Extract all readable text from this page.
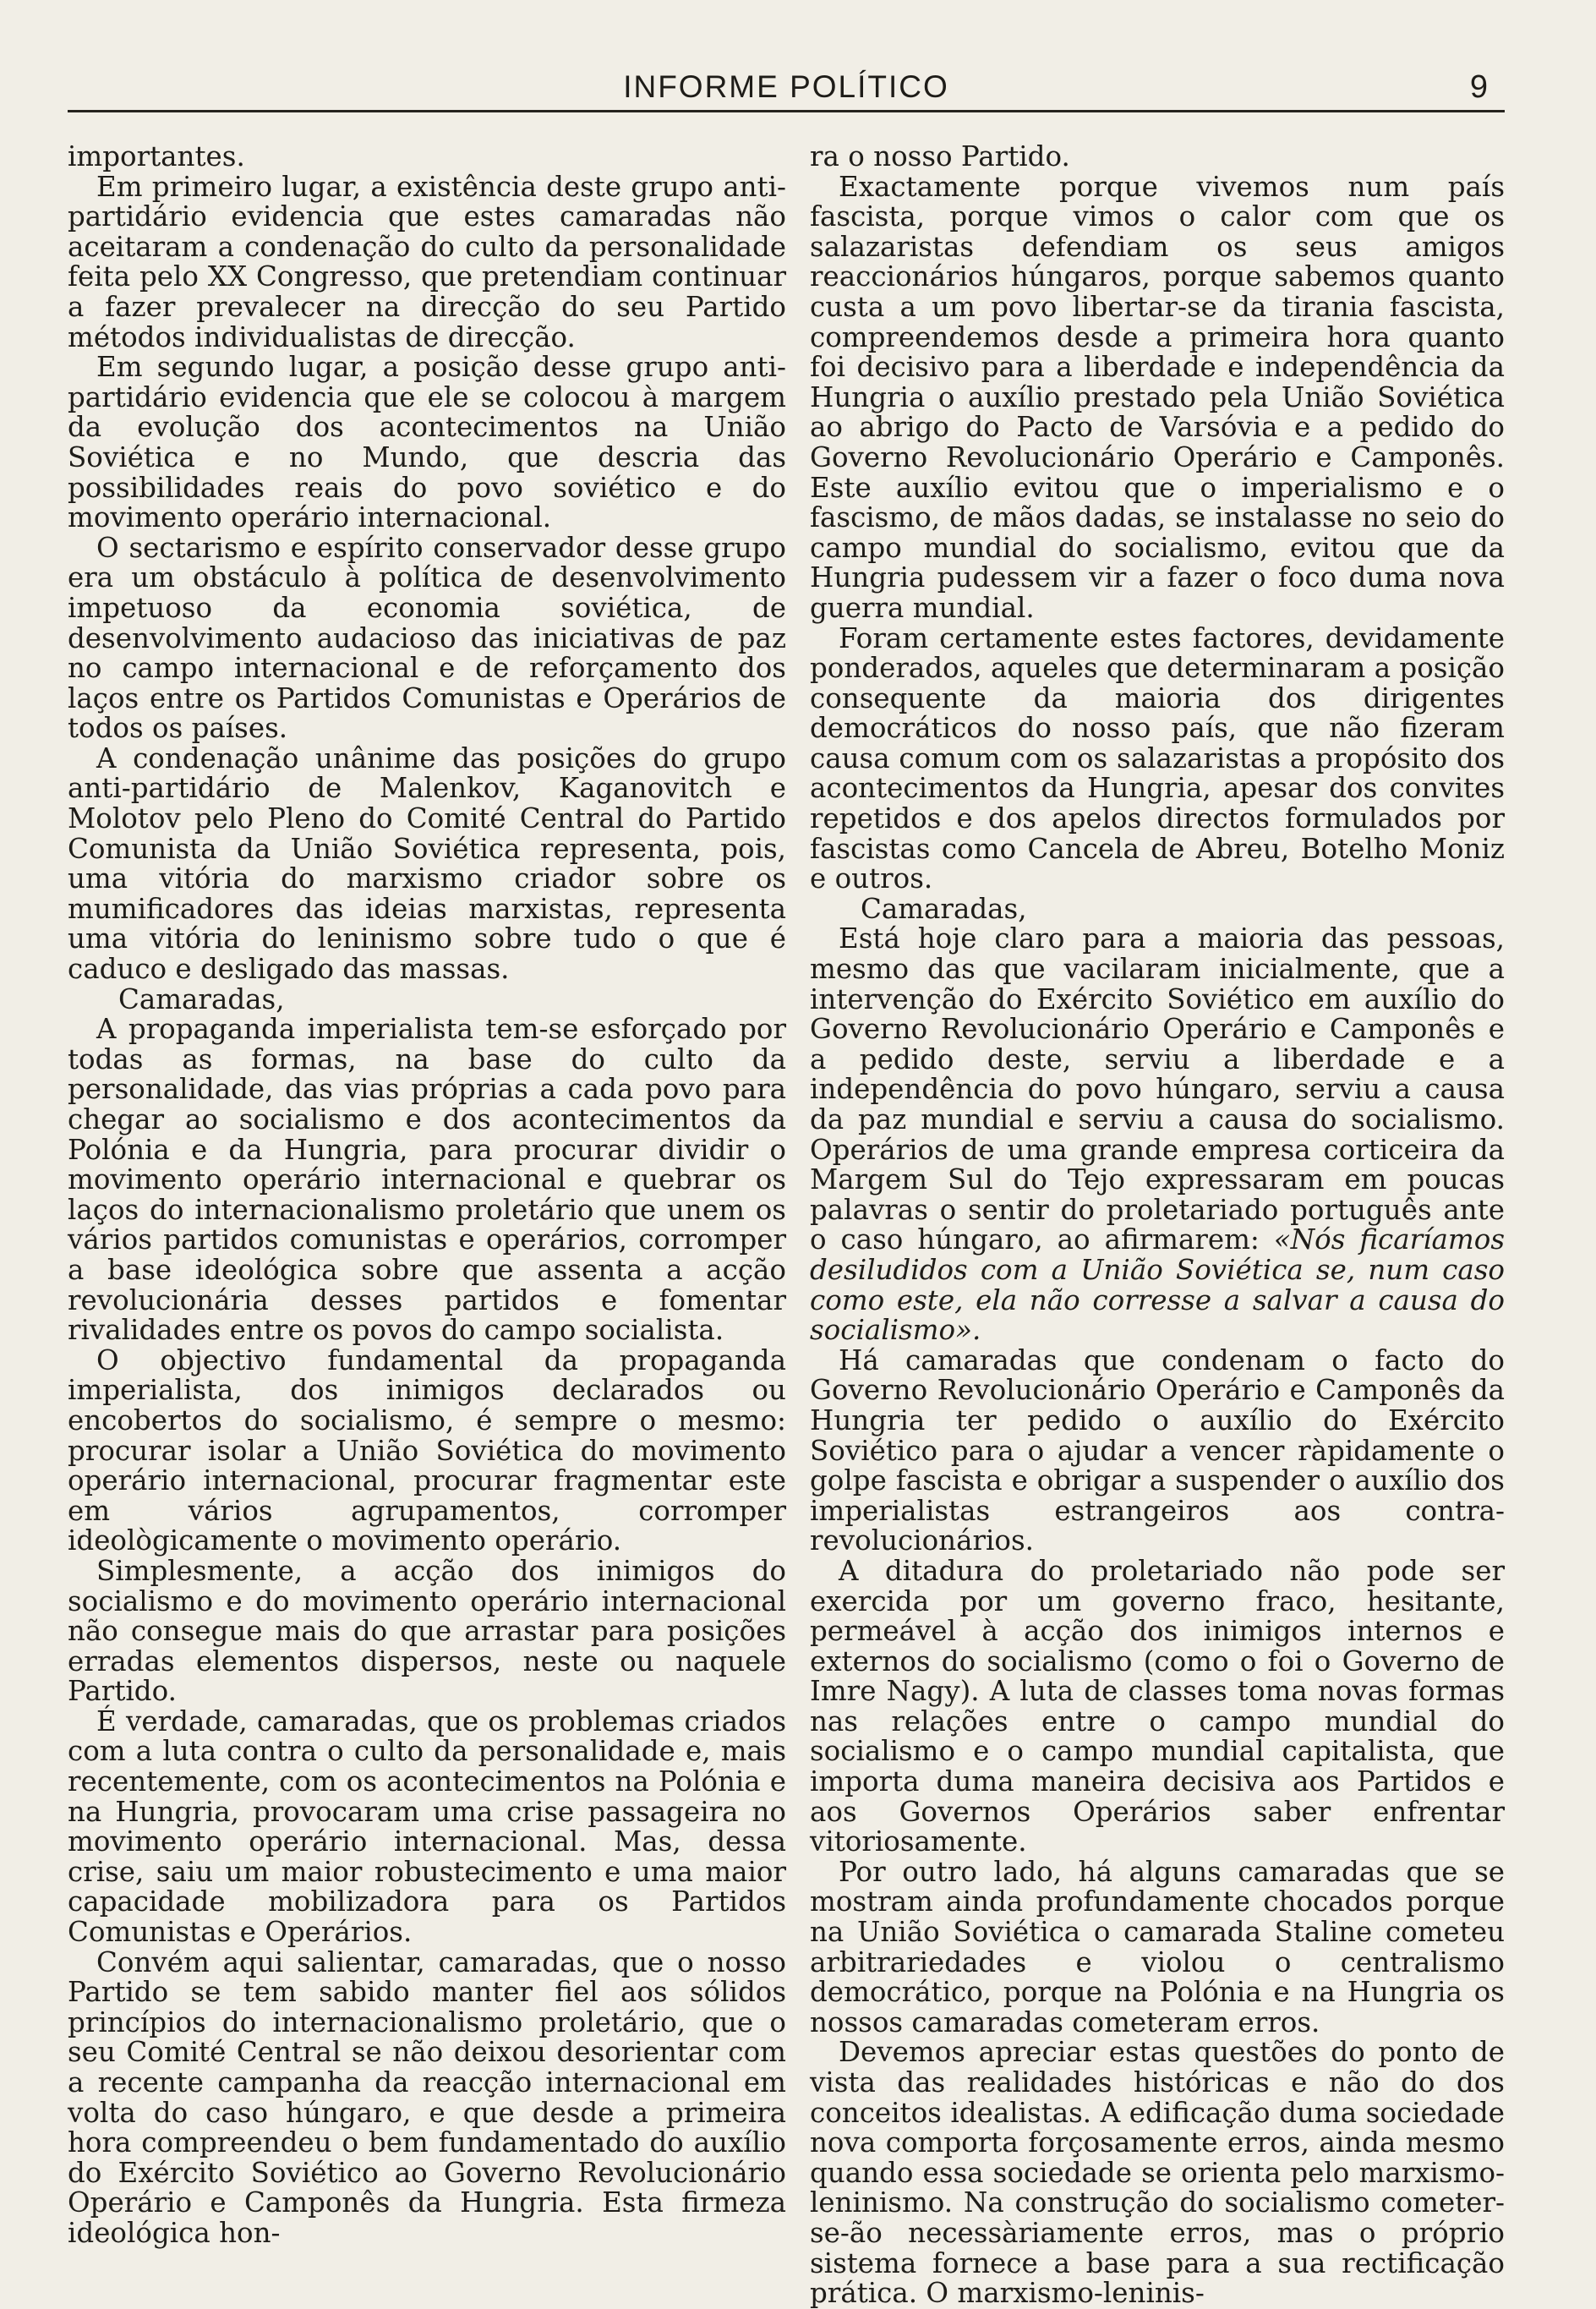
INFORME POLÍTICO	9

importantes.

Em primeiro lugar, a existência deste grupo anti-partidário evidencia que estes camaradas não aceitaram a condenação do culto da personalidade feita pelo XX Congresso, que pretendiam continuar a fazer prevalecer na direcção do seu Partido métodos individualistas de direcção.

Em segundo lugar, a posição desse grupo anti-partidário evidencia que ele se colocou à margem da evolução dos acontecimentos na União Soviética e no Mundo, que descria das possibilidades reais do povo soviético e do movimento operário internacional.

O sectarismo e espírito conservador desse grupo era um obstáculo à política de desenvolvimento impetuoso da economia soviética, de desenvolvimento audacioso das iniciativas de paz no campo internacional e de reforçamento dos laços entre os Partidos Comunistas e Operários de todos os países.

A condenação unânime das posições do grupo anti-partidário de Malenkov, Kaganovitch e Molotov pelo Pleno do Comité Central do Partido Comunista da União Soviética representa, pois, uma vitória do marxismo criador sobre os mumificadores das ideias marxistas, representa uma vitória do leninismo sobre tudo o que é caduco e desligado das massas.

Camaradas,

A propaganda imperialista tem-se esforçado por todas as formas, na base do culto da personalidade, das vias próprias a cada povo para chegar ao socialismo e dos acontecimentos da Polónia e da Hungria, para procurar dividir o movimento operário internacional e quebrar os laços do internacionalismo proletário que unem os vários partidos comunistas e operários, corromper a base ideológica sobre que assenta a acção revolucionária desses partidos e fomentar rivalidades entre os povos do campo socialista.

O objectivo fundamental da propaganda imperialista, dos inimigos declarados ou encobertos do socialismo, é sempre o mesmo: procurar isolar a União Soviética do movimento operário internacional, procurar fragmentar este em vários agrupamentos, corromper ideològicamente o movimento operário.

Simplesmente, a acção dos inimigos do socialismo e do movimento operário internacional não consegue mais do que arrastar para posições erradas elementos dispersos, neste ou naquele Partido.

É verdade, camaradas, que os problemas criados com a luta contra o culto da personalidade e, mais recentemente, com os acontecimentos na Polónia e na Hungria, provocaram uma crise passageira no movimento operário internacional. Mas, dessa crise, saiu um maior robustecimento e uma maior capacidade mobilizadora para os Partidos Comunistas e Operários.

Convém aqui salientar, camaradas, que o nosso Partido se tem sabido manter fiel aos sólidos princípios do internacionalismo proletário, que o seu Comité Central se não deixou desorientar com a recente campanha da reacção internacional em volta do caso húngaro, e que desde a primeira hora compreendeu o bem fundamentado do auxílio do Exército Soviético ao Governo Revolucionário Operário e Camponês da Hungria. Esta firmeza ideológica hon-

ra o nosso Partido.

Exactamente porque vivemos num país fascista, porque vimos o calor com que os salazaristas defendiam os seus amigos reaccionários húngaros, porque sabemos quanto custa a um povo libertar-se da tirania fascista, compreendemos desde a primeira hora quanto foi decisivo para a liberdade e independência da Hungria o auxílio prestado pela União Soviética ao abrigo do Pacto de Varsóvia e a pedido do Governo Revolucionário Operário e Camponês. Este auxílio evitou que o imperialismo e o fascismo, de mãos dadas, se instalasse no seio do campo mundial do socialismo, evitou que da Hungria pudessem vir a fazer o foco duma nova guerra mundial.

Foram certamente estes factores, devidamente ponderados, aqueles que determinaram a posição consequente da maioria dos dirigentes democráticos do nosso país, que não fizeram causa comum com os salazaristas a propósito dos acontecimentos da Hungria, apesar dos convites repetidos e dos apelos directos formulados por fascistas como Cancela de Abreu, Botelho Moniz e outros.

Camaradas,

Está hoje claro para a maioria das pessoas, mesmo das que vacilaram inicialmente, que a intervenção do Exército Soviético em auxílio do Governo Revolucionário Operário e Camponês e a pedido deste, serviu a liberdade e a independência do povo húngaro, serviu a causa da paz mundial e serviu a causa do socialismo. Operários de uma grande empresa corticeira da Margem Sul do Tejo expressaram em poucas palavras o sentir do proletariado português ante o caso húngaro, ao afirmarem: «Nós ficaríamos desiludidos com a União Soviética se, num caso como este, ela não corresse a salvar a causa do socialismo».

Há camaradas que condenam o facto do Governo Revolucionário Operário e Camponês da Hungria ter pedido o auxílio do Exército Soviético para o ajudar a vencer ràpidamente o golpe fascista e obrigar a suspender o auxílio dos imperialistas estrangeiros aos contra-revolucionários.

A ditadura do proletariado não pode ser exercida por um governo fraco, hesitante, permeável à acção dos inimigos internos e externos do socialismo (como o foi o Governo de Imre Nagy). A luta de classes toma novas formas nas relações entre o campo mundial do socialismo e o campo mundial capitalista, que importa duma maneira decisiva aos Partidos e aos Governos Operários saber enfrentar vitoriosamente.

Por outro lado, há alguns camaradas que se mostram ainda profundamente chocados porque na União Soviética o camarada Staline cometeu arbitrariedades e violou o centralismo democrático, porque na Polónia e na Hungria os nossos camaradas cometeram erros.

Devemos apreciar estas questões do ponto de vista das realidades históricas e não do dos conceitos idealistas. A edificação duma sociedade nova comporta forçosamente erros, ainda mesmo quando essa sociedade se orienta pelo marxismo-leninismo. Na construção do socialismo cometer-se-ão necessàriamente erros, mas o próprio sistema fornece a base para a sua rectificação prática. O marxismo-leninis-
